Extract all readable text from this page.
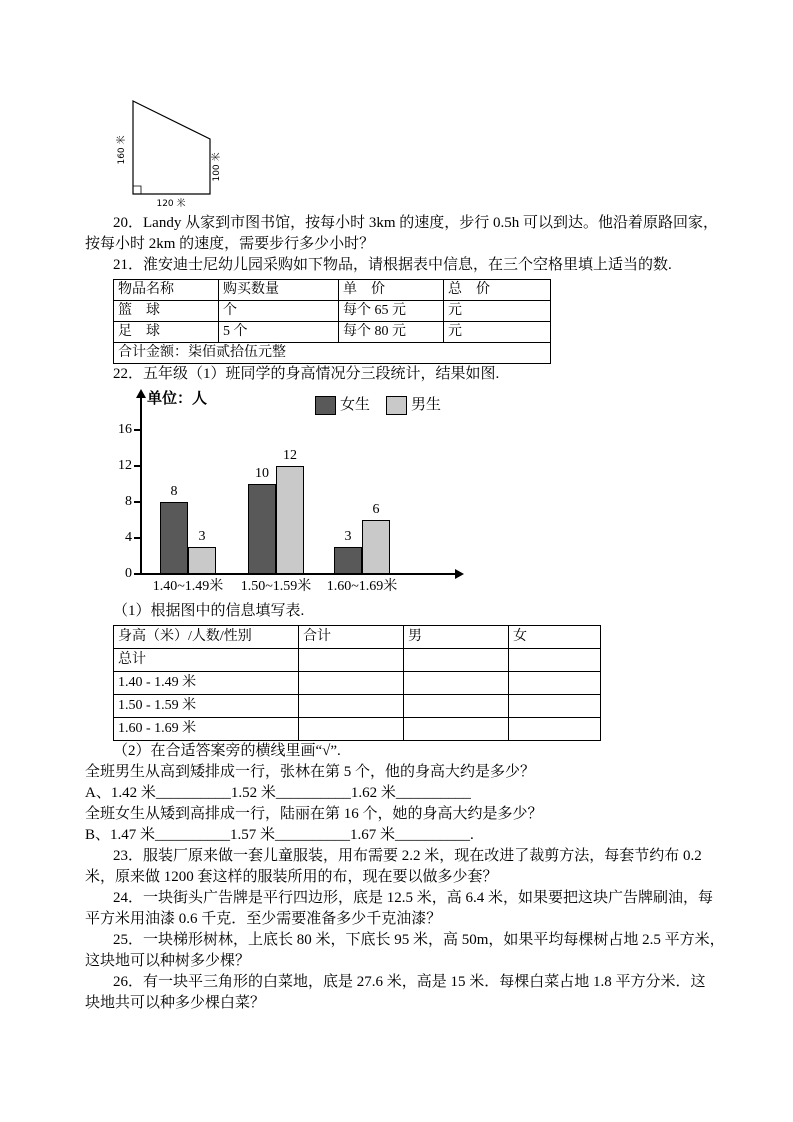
160 米
100 米
120 米

20．Landy 从家到市图书馆，按每小时 3km 的速度，步行 0.5h 可以到达。他沿着原路回家，

按每小时 2km 的速度，需要步行多少小时？

21．淮安迪士尼幼儿园采购如下物品，请根据表中信息，在三个空格里填上适当的数.

物品名称	购买数量	单　价	总　价
篮　球	个	每个 65 元	元
足　球	5 个	每个 80 元	元
合计金额：柒佰贰拾伍元整			

22．五年级（1）班同学的身高情况分三段统计，结果如图.

单位：人	女生	男生
0
4
8
12
16
1.40~1.49米	1.50~1.59米	1.60~1.69米
8
10
3
3
12
6

（1）根据图中的信息填写表.

身高（米）/人数/性别	合计	男	女
总计			
1.40 - 1.49 米			
1.50 - 1.59 米			
1.60 - 1.69 米			

（2）在合适答案旁的横线里画“√”.

全班男生从高到矮排成一行，张林在第 5 个，他的身高大约是多少？

A、1.42 米__________1.52 米__________1.62 米__________

全班女生从矮到高排成一行，陆丽在第 16 个，她的身高大约是多少？

B、1.47 米__________1.57 米__________1.67 米__________.

23．服装厂原来做一套儿童服装，用布需要 2.2 米，现在改进了裁剪方法，每套节约布 0.2

米，原来做 1200 套这样的服装所用的布，现在要以做多少套？

24．一块街头广告牌是平行四边形，底是 12.5 米，高 6.4 米，如果要把这块广告牌刷油，每

平方米用油漆 0.6 千克．至少需要准备多少千克油漆？

25．一块梯形树林，上底长 80 米，下底长 95 米，高 50m，如果平均每棵树占地 2.5 平方米，

这块地可以种树多少棵？

26．有一块平三角形的白菜地，底是 27.6 米，高是 15 米．每棵白菜占地 1.8 平方分米．这

块地共可以种多少棵白菜？
